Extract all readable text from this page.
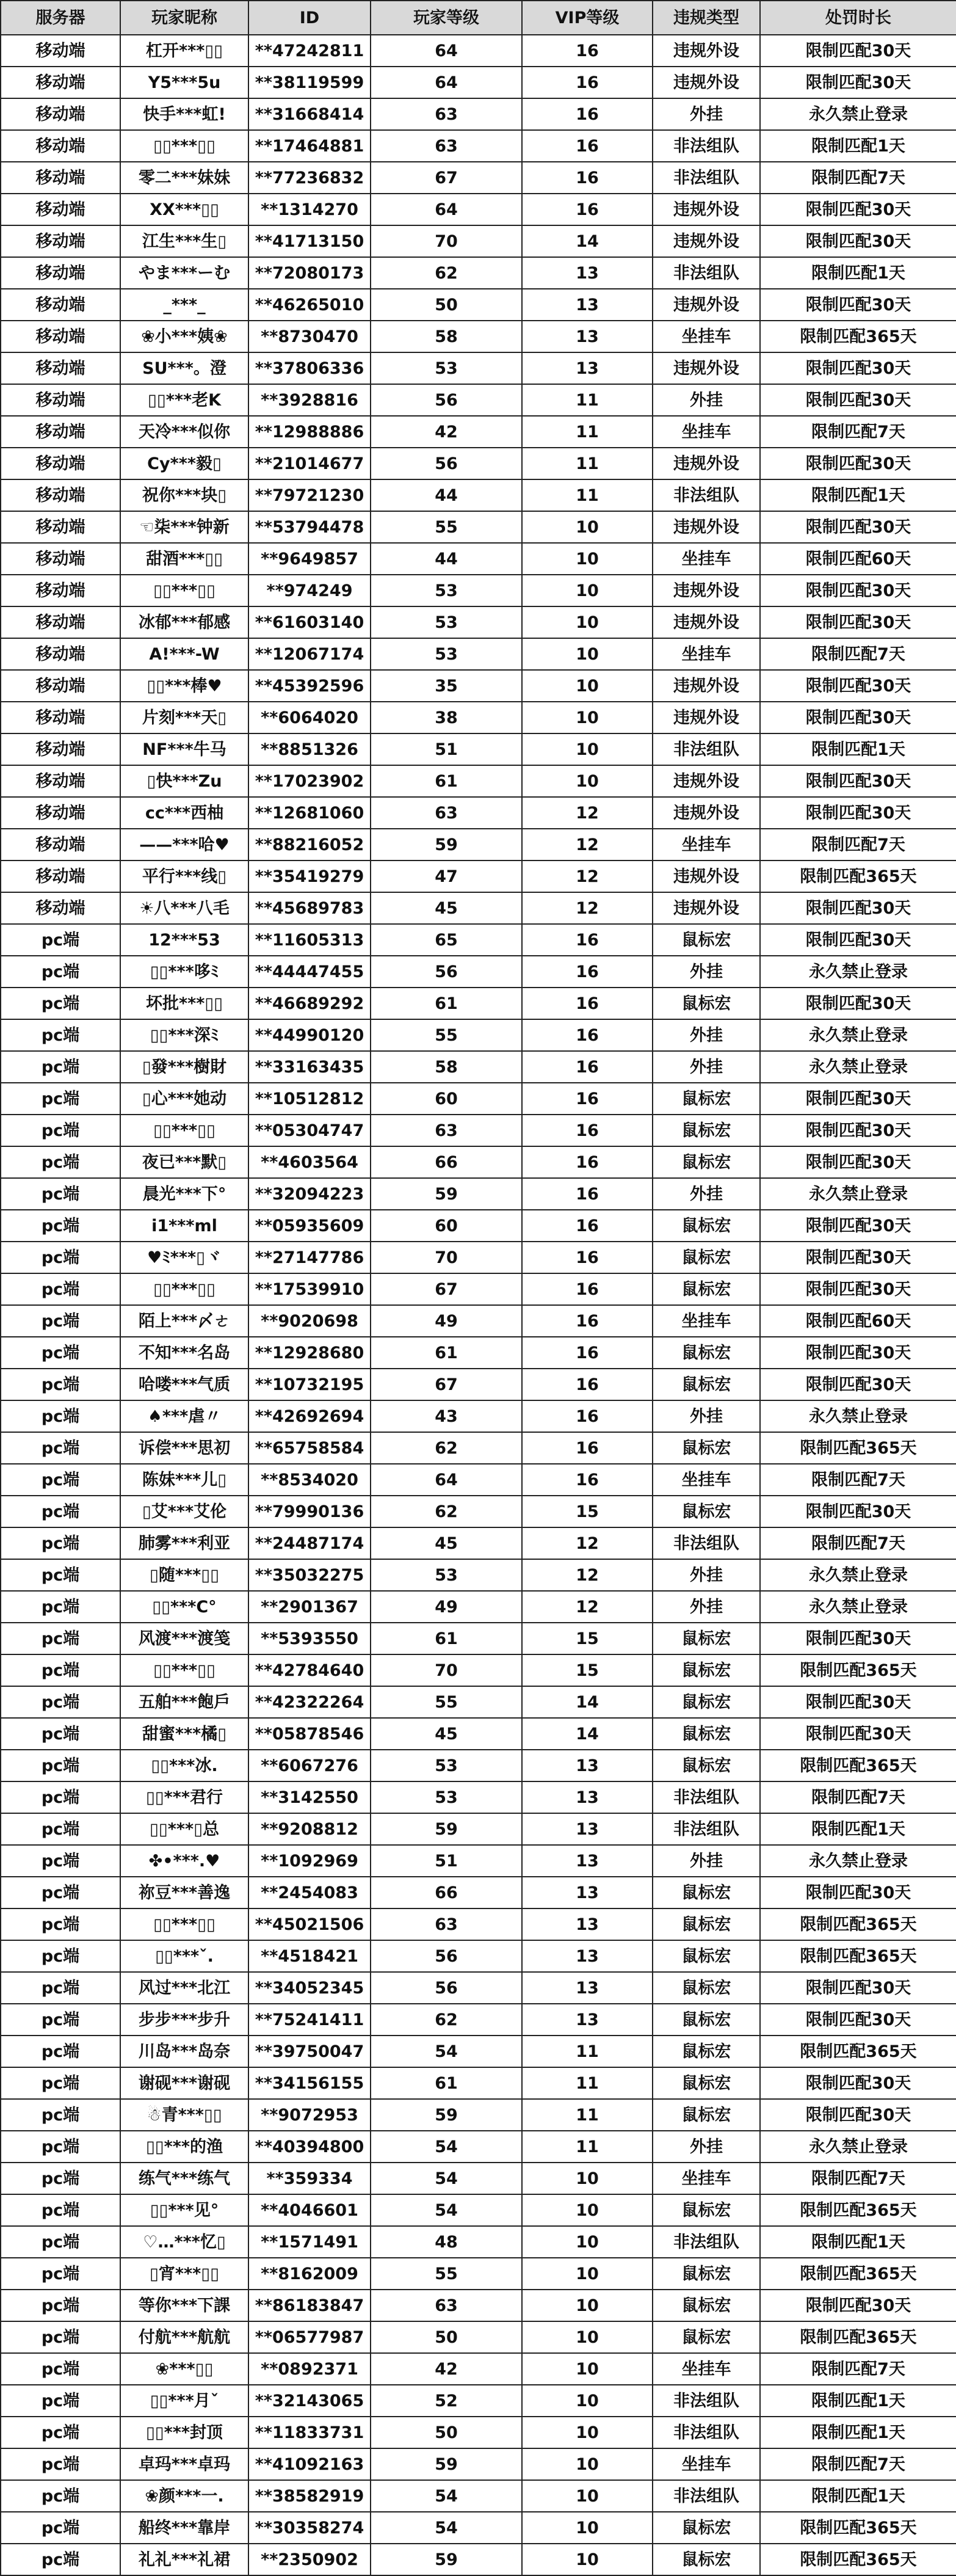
服务器	玩家昵称	ID	玩家等级	VIP等级	违规类型	处罚时长
移动端	杠开***▯▯	**47242811	64	16	违规外设	限制匹配30天
移动端	Y5***5u	**38119599	64	16	违规外设	限制匹配30天
移动端	快手***虹!	**31668414	63	16	外挂	永久禁止登录
移动端	▯▯***▯▯	**17464881	63	16	非法组队	限制匹配1天
移动端	零二***妹妹	**77236832	67	16	非法组队	限制匹配7天
移动端	XX***▯▯	**1314270	64	16	违规外设	限制匹配30天
移动端	江生***生▯	**41713150	70	14	违规外设	限制匹配30天
移动端	やま***ーむ	**72080173	62	13	非法组队	限制匹配1天
移动端	_***_	**46265010	50	13	违规外设	限制匹配30天
移动端	❀小***姨❀	**8730470	58	13	坐挂车	限制匹配365天
移动端	SU***。澄	**37806336	53	13	违规外设	限制匹配30天
移动端	▯▯***老K	**3928816	56	11	外挂	限制匹配30天
移动端	天冷***似你	**12988886	42	11	坐挂车	限制匹配7天
移动端	Cy***毅▯	**21014677	56	11	违规外设	限制匹配30天
移动端	祝你***块▯	**79721230	44	11	非法组队	限制匹配1天
移动端	☜柒***钟新	**53794478	55	10	违规外设	限制匹配30天
移动端	甜酒***▯▯	**9649857	44	10	坐挂车	限制匹配60天
移动端	▯▯***▯▯	**974249	53	10	违规外设	限制匹配30天
移动端	冰郁***郁感	**61603140	53	10	违规外设	限制匹配30天
移动端	A!***-W	**12067174	53	10	坐挂车	限制匹配7天
移动端	▯▯***棒♥	**45392596	35	10	违规外设	限制匹配30天
移动端	片刻***天▯	**6064020	38	10	违规外设	限制匹配30天
移动端	NF***牛马	**8851326	51	10	非法组队	限制匹配1天
移动端	▯快***Zu	**17023902	61	10	违规外设	限制匹配30天
移动端	cc***西柚	**12681060	63	12	违规外设	限制匹配30天
移动端	——***哈♥	**88216052	59	12	坐挂车	限制匹配7天
移动端	平行***线▯	**35419279	47	12	违规外设	限制匹配365天
移动端	☀八***八毛	**45689783	45	12	违规外设	限制匹配30天
pc端	12***53	**11605313	65	16	鼠标宏	限制匹配30天
pc端	▯▯***哆ﾐ	**44447455	56	16	外挂	永久禁止登录
pc端	坏批***▯▯	**46689292	61	16	鼠标宏	限制匹配30天
pc端	▯▯***深ﾐ	**44990120	55	16	外挂	永久禁止登录
pc端	▯發***樹財	**33163435	58	16	外挂	永久禁止登录
pc端	▯心***她动	**10512812	60	16	鼠标宏	限制匹配30天
pc端	▯▯***▯▯	**05304747	63	16	鼠标宏	限制匹配30天
pc端	夜已***默▯	**4603564	66	16	鼠标宏	限制匹配30天
pc端	晨光***下°	**32094223	59	16	外挂	永久禁止登录
pc端	i1***ml	**05935609	60	16	鼠标宏	限制匹配30天
pc端	♥ﾐ***▯ヾ	**27147786	70	16	鼠标宏	限制匹配30天
pc端	▯▯***▯▯	**17539910	67	16	鼠标宏	限制匹配30天
pc端	陌上***〆ㄜ	**9020698	49	16	坐挂车	限制匹配60天
pc端	不知***名岛	**12928680	61	16	鼠标宏	限制匹配30天
pc端	哈喽***气质	**10732195	67	16	鼠标宏	限制匹配30天
pc端	♠***虐〃	**42692694	43	16	外挂	永久禁止登录
pc端	诉偿***思初	**65758584	62	16	鼠标宏	限制匹配365天
pc端	陈妹***儿▯	**8534020	64	16	坐挂车	限制匹配7天
pc端	▯艾***艾伦	**79990136	62	15	鼠标宏	限制匹配30天
pc端	肺雾***利亚	**24487174	45	12	非法组队	限制匹配7天
pc端	▯随***▯▯	**35032275	53	12	外挂	永久禁止登录
pc端	▯▯***C°	**2901367	49	12	外挂	永久禁止登录
pc端	风渡***渡笺	**5393550	61	15	鼠标宏	限制匹配30天
pc端	▯▯***▯▯	**42784640	70	15	鼠标宏	限制匹配365天
pc端	五舶***飽戶	**42322264	55	14	鼠标宏	限制匹配30天
pc端	甜蜜***橘▯	**05878546	45	14	鼠标宏	限制匹配30天
pc端	▯▯***冰.	**6067276	53	13	鼠标宏	限制匹配365天
pc端	▯▯***君行	**3142550	53	13	非法组队	限制匹配7天
pc端	▯▯***▯总	**9208812	59	13	非法组队	限制匹配1天
pc端	✤•***.♥	**1092969	51	13	外挂	永久禁止登录
pc端	祢豆***善逸	**2454083	66	13	鼠标宏	限制匹配30天
pc端	▯▯***▯▯	**45021506	63	13	鼠标宏	限制匹配365天
pc端	▯▯***ˇ.	**4518421	56	13	鼠标宏	限制匹配365天
pc端	风过***北江	**34052345	56	13	鼠标宏	限制匹配30天
pc端	步步***步升	**75241411	62	13	鼠标宏	限制匹配30天
pc端	川岛***岛奈	**39750047	54	11	鼠标宏	限制匹配365天
pc端	谢砚***谢砚	**34156155	61	11	鼠标宏	限制匹配30天
pc端	☃青***▯▯	**9072953	59	11	鼠标宏	限制匹配30天
pc端	▯▯***的渔	**40394800	54	11	外挂	永久禁止登录
pc端	练气***练气	**359334	54	10	坐挂车	限制匹配7天
pc端	▯▯***见°	**4046601	54	10	鼠标宏	限制匹配365天
pc端	♡…***忆▯	**1571491	48	10	非法组队	限制匹配1天
pc端	▯宵***▯▯	**8162009	55	10	鼠标宏	限制匹配365天
pc端	等你***下課	**86183847	63	10	鼠标宏	限制匹配30天
pc端	付航***航航	**06577987	50	10	鼠标宏	限制匹配365天
pc端	❀***▯▯	**0892371	42	10	坐挂车	限制匹配7天
pc端	▯▯***月ˇ	**32143065	52	10	非法组队	限制匹配1天
pc端	▯▯***封顶	**11833731	50	10	非法组队	限制匹配1天
pc端	卓玛***卓玛	**41092163	59	10	坐挂车	限制匹配7天
pc端	❀颜***一.	**38582919	54	10	非法组队	限制匹配1天
pc端	船终***靠岸	**30358274	54	10	鼠标宏	限制匹配365天
pc端	礼礼***礼裙	**2350902	59	10	鼠标宏	限制匹配365天
